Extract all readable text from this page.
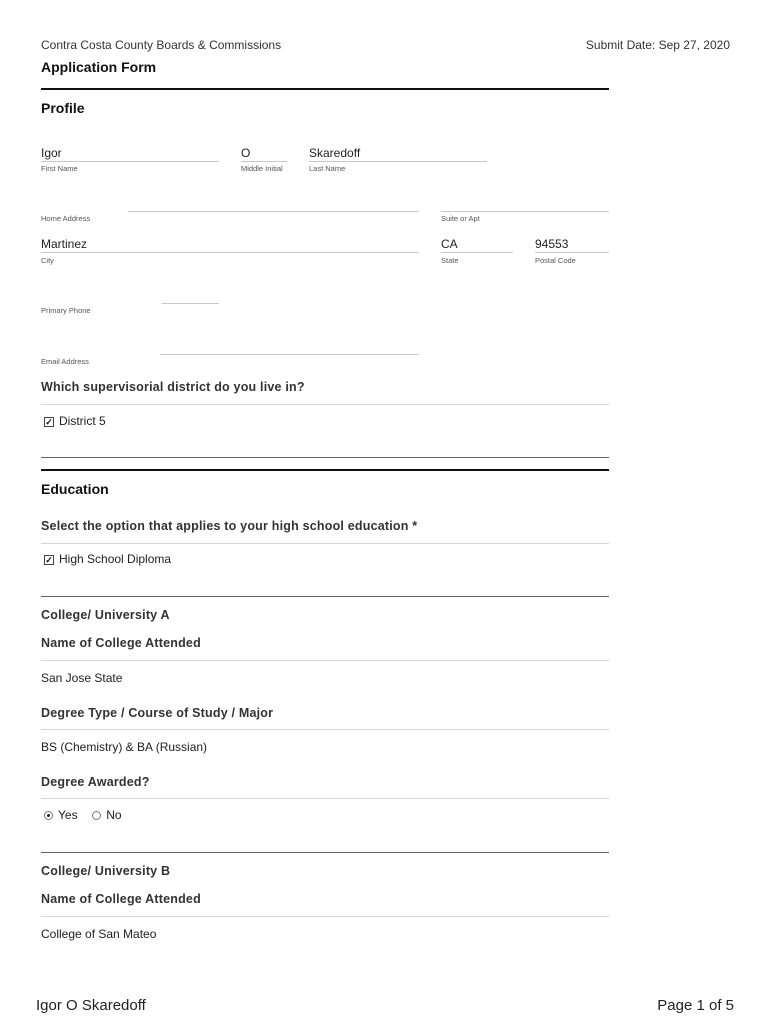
Contra Costa County Boards & Commissions	Submit Date: Sep 27, 2020
Application Form
Profile
Igor
First Name
O
Middle Initial
Skaredoff
Last Name
Home Address	Suite or Apt
Martinez
City
CA
State
94553
Postal Code
Primary Phone
Email Address
Which supervisorial district do you live in?
✓ District 5
Education
Select the option that applies to your high school education *
✓ High School Diploma
College/ University A
Name of College Attended
San Jose State
Degree Type / Course of Study / Major
BS (Chemistry) & BA (Russian)
Degree Awarded?
Yes No
College/ University B
Name of College Attended
College of San Mateo
Igor O Skaredoff	Page 1 of 5
